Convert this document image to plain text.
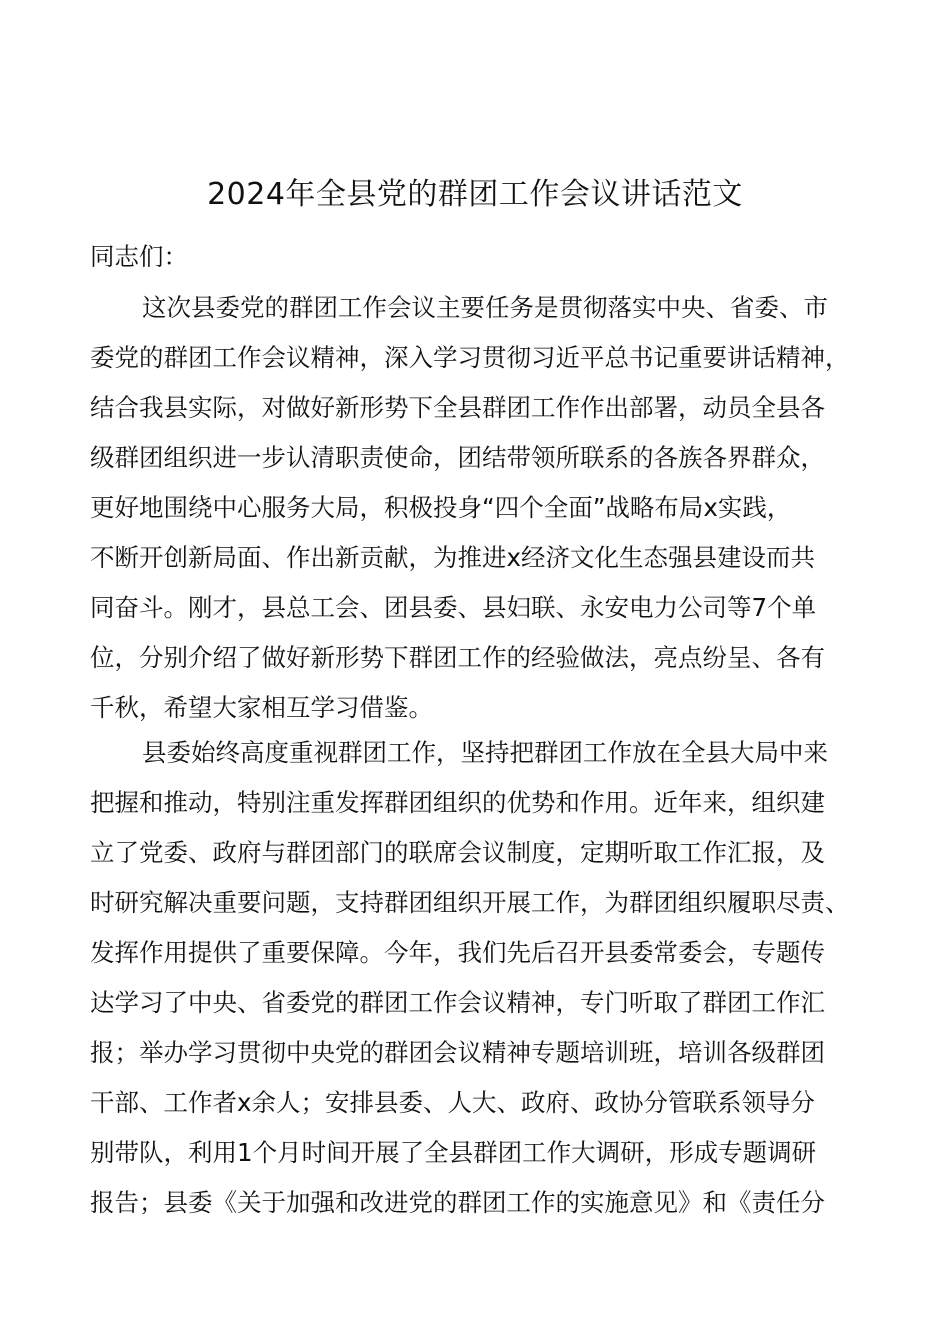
2024年全县党的群团工作会议讲话范文
同志们：
这次县委党的群团工作会议主要任务是贯彻落实中央、省委、市
委党的群团工作会议精神，深入学习贯彻习近平总书记重要讲话精神，
结合我县实际，对做好新形势下全县群团工作作出部署，动员全县各
级群团组织进一步认清职责使命，团结带领所联系的各族各界群众，
更好地围绕中心服务大局，积极投身“四个全面”战略布局x实践，
不断开创新局面、作出新贡献，为推进x经济文化生态强县建设而共
同奋斗。刚才，县总工会、团县委、县妇联、永安电力公司等7个单
位，分别介绍了做好新形势下群团工作的经验做法，亮点纷呈、各有
千秋，希望大家相互学习借鉴。
县委始终高度重视群团工作，坚持把群团工作放在全县大局中来
把握和推动，特别注重发挥群团组织的优势和作用。近年来，组织建
立了党委、政府与群团部门的联席会议制度，定期听取工作汇报，及
时研究解决重要问题，支持群团组织开展工作，为群团组织履职尽责、
发挥作用提供了重要保障。今年，我们先后召开县委常委会，专题传
达学习了中央、省委党的群团工作会议精神，专门听取了群团工作汇
报；举办学习贯彻中央党的群团会议精神专题培训班，培训各级群团
干部、工作者x余人；安排县委、人大、政府、政协分管联系领导分
别带队，利用1个月时间开展了全县群团工作大调研，形成专题调研
报告；县委《关于加强和改进党的群团工作的实施意见》和《责任分
